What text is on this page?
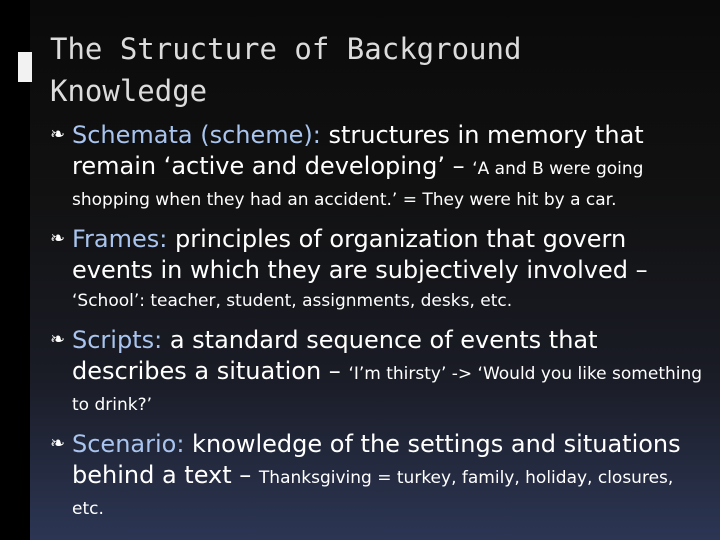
The Structure of Background Knowledge
❧ Schemata (scheme): structures in memory that remain ‘active and developing’ – ‘A and B were going shopping when they had an accident.’ = They were hit by a car.
❧ Frames: principles of organization that govern events in which they are subjectively involved – ‘School’: teacher, student, assignments, desks, etc.
❧ Scripts: a standard sequence of events that describes a situation – ‘I’m thirsty’ -> ‘Would you like something to drink?’
❧ Scenario: knowledge of the settings and situations behind a text – Thanksgiving = turkey, family, holiday, closures, etc.
